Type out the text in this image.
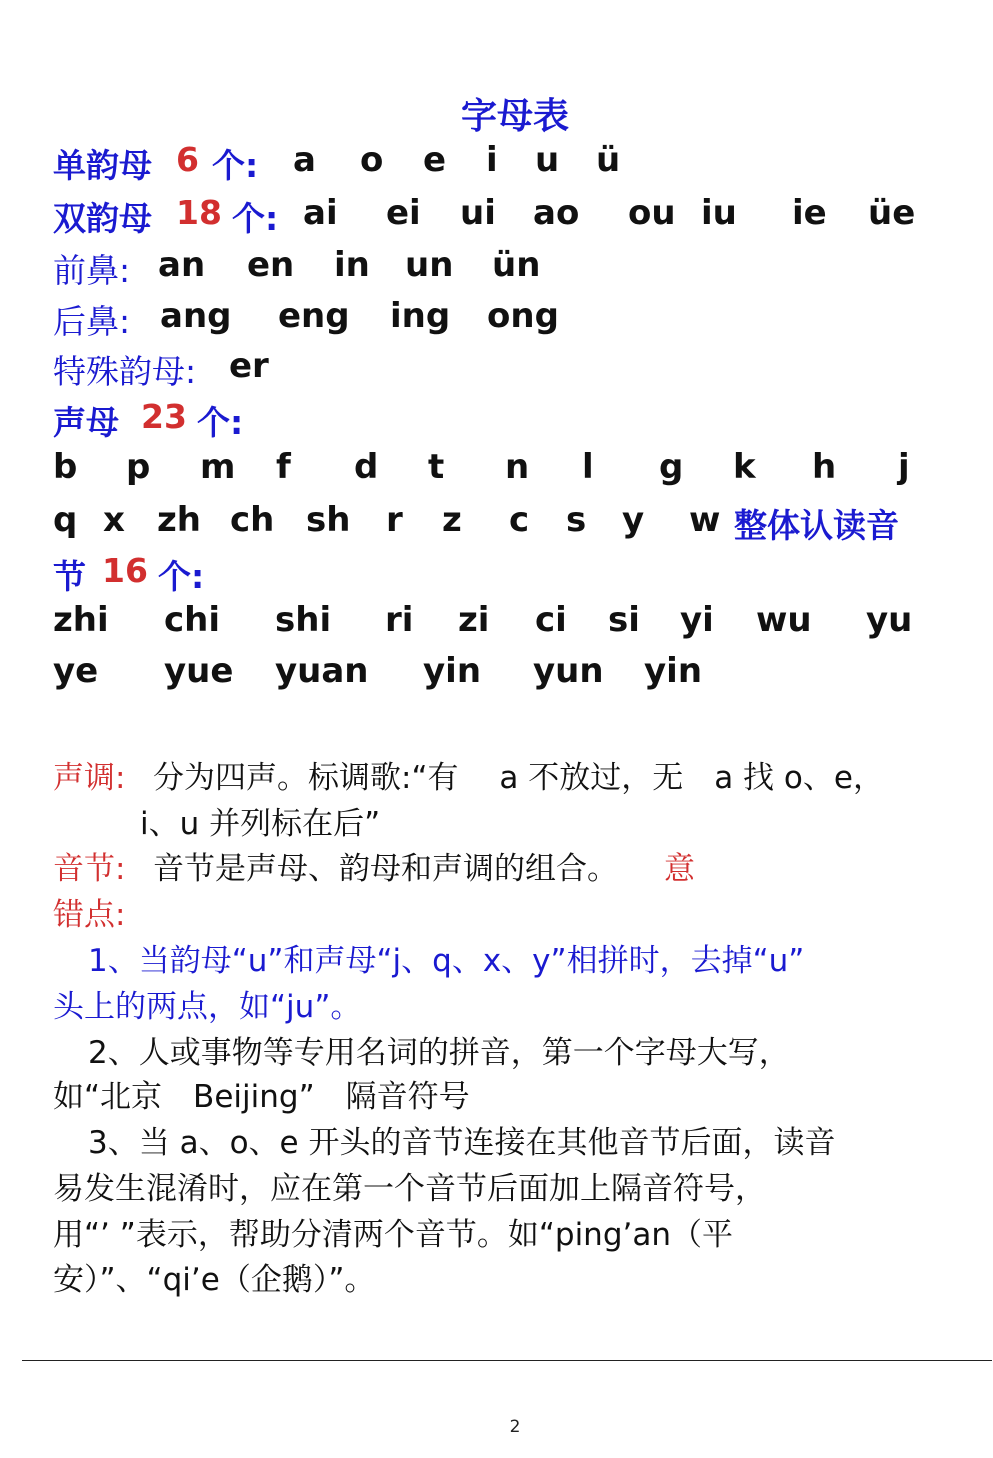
字母表
单韵母 6 个: a o e i u ü
双韵母 18 个: ai ei ui ao ou iu ie üe
前鼻: an en in un ün
后鼻: ang eng ing ong
特殊韵母: er
声母 23 个:
b p m f d t n l g k h j
q x zh ch sh r z c s y w 整体认读音
节 16 个:
zhi chi shi ri zi ci si yi wu yu
ye yue yuan yin yun yin
声调: 分为四声。标调歌:“有　 a 不放过，无　a 找 o、e，
i、u 并列标在后”
音节: 音节是声母、韵母和声调的组合。 意
错点:
1、当韵母“u”和声母“j、q、x、y”相拼时，去掉“u”
头上的两点，如“ju”。
2、人或事物等专用名词的拼音，第一个字母大写，
如“北京　Beijing”　隔音符号
3、当 a、o、e 开头的音节连接在其他音节后面，读音
易发生混淆时，应在第一个音节后面加上隔音符号，
用“’ ”表示，帮助分清两个音节。如“ping’an（平
安）”、“qi’e（企鹅）”。
2
